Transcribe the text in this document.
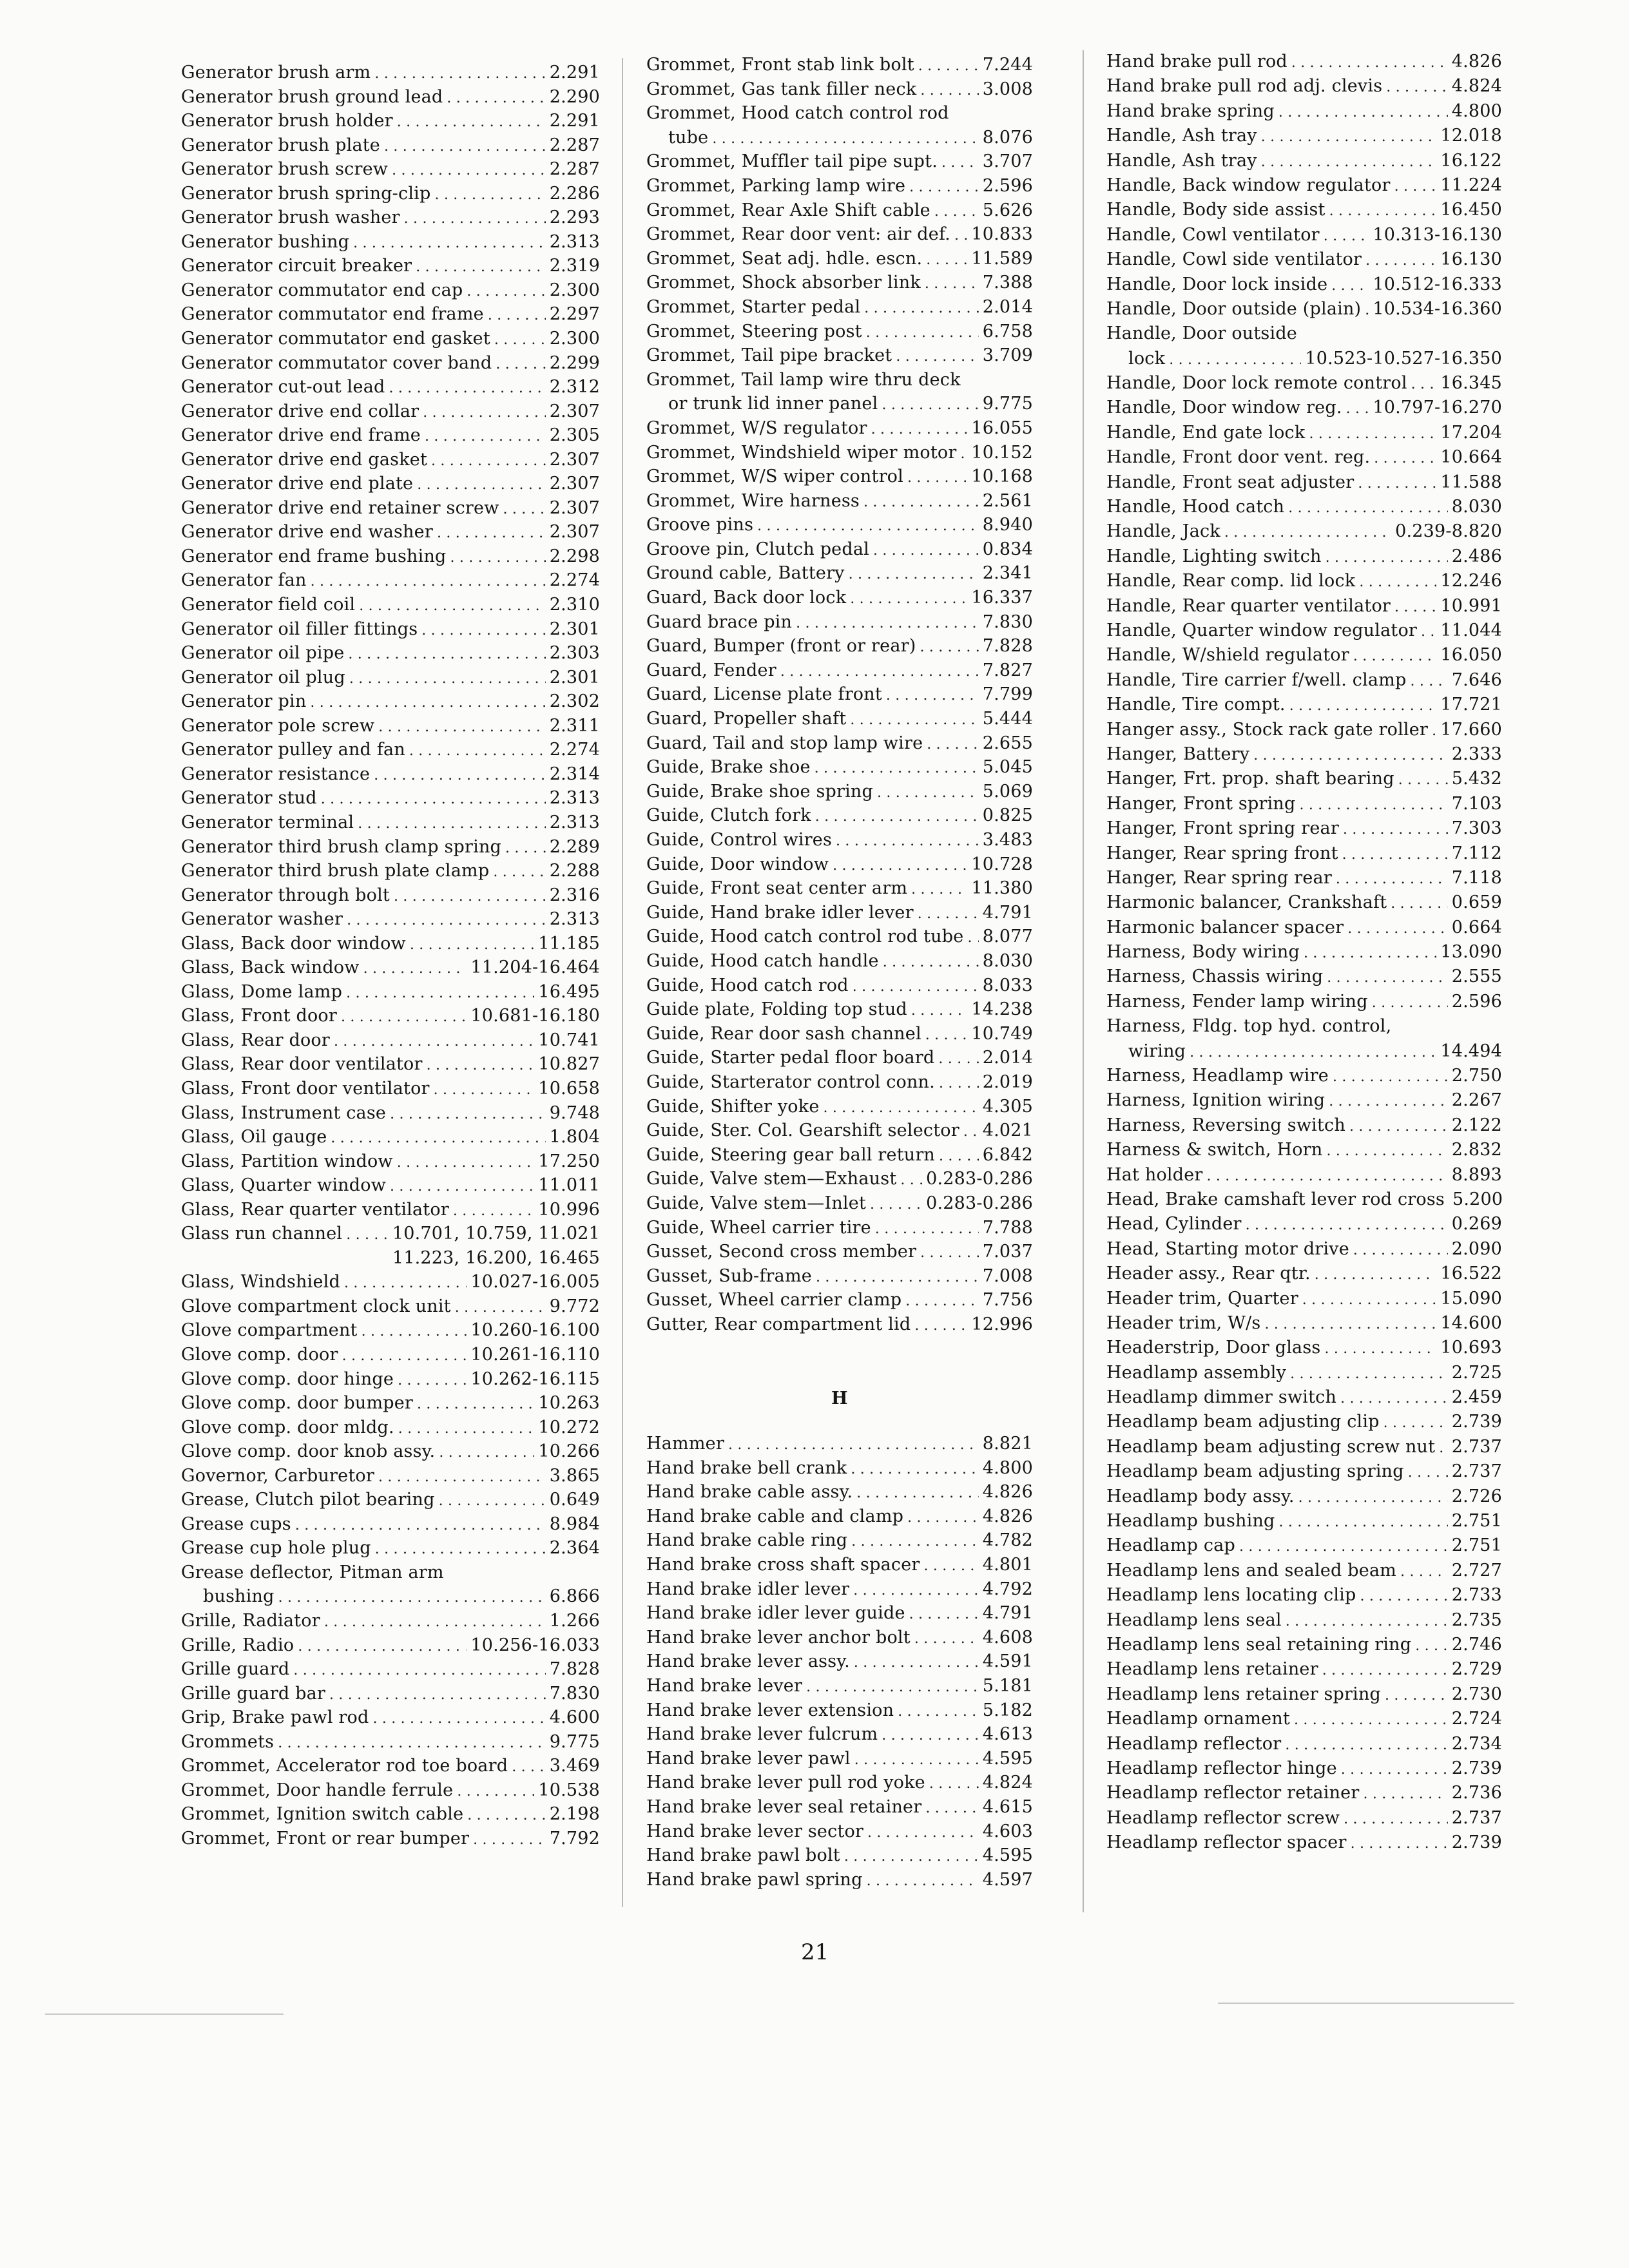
Generator brush arm . . .	2.291
Generator brush ground lead . . .	2.290
Generator brush holder . . .	2.291
Generator brush plate . . .	2.287
Generator brush screw . . .	2.287
Generator brush spring-clip . . .	2.286
Generator brush washer . . .	2.293
Generator bushing . . .	2.313
Generator circuit breaker . . .	2.319
Generator commutator end cap . . .	2.300
Generator commutator end frame . . .	2.297
Generator commutator end gasket . . .	2.300
Generator commutator cover band . . .	2.299
Generator cut-out lead . . .	2.312
Generator drive end collar . . .	2.307
Generator drive end frame . . .	2.305
Generator drive end gasket . . .	2.307
Generator drive end plate . . .	2.307
Generator drive end retainer screw . . .	2.307
Generator drive end washer . . .	2.307
Generator end frame bushing . . .	2.298
Generator fan . . .	2.274
Generator field coil . . .	2.310
Generator oil filler fittings . . .	2.301
Generator oil pipe . . .	2.303
Generator oil plug . . .	2.301
Generator pin . . .	2.302
Generator pole screw . . .	2.311
Generator pulley and fan . . .	2.274
Generator resistance . . .	2.314
Generator stud . . .	2.313
Generator terminal . . .	2.313
Generator third brush clamp spring . . .	2.289
Generator third brush plate clamp . . .	2.288
Generator through bolt . . .	2.316
Generator washer . . .	2.313
Glass, Back door window . . .	11.185
Glass, Back window . . .	11.204-16.464
Glass, Dome lamp . . .	16.495
Glass, Front door . . .	10.681-16.180
Glass, Rear door . . .	10.741
Glass, Rear door ventilator . . .	10.827
Glass, Front door ventilator . . .	10.658
Glass, Instrument case . . .	9.748
Glass, Oil gauge . . .	1.804
Glass, Partition window . . .	17.250
Glass, Quarter window . . .	11.011
Glass, Rear quarter ventilator . . .	10.996
Glass run channel . . .	10.701, 10.759, 11.021
11.223, 16.200, 16.465
Glass, Windshield . . .	10.027-16.005
Glove compartment clock unit . . .	9.772
Glove compartment . . .	10.260-16.100
Glove comp. door . . .	10.261-16.110
Glove comp. door hinge . . .	10.262-16.115
Glove comp. door bumper . . .	10.263
Glove comp. door mldg. . . .	10.272
Glove comp. door knob assy. . . .	10.266
Governor, Carburetor . . .	3.865
Grease, Clutch pilot bearing . . .	0.649
Grease cups . . .	8.984
Grease cup hole plug . . .	2.364
Grease deflector, Pitman arm
bushing . . .	6.866
Grille, Radiator . . .	1.266
Grille, Radio . . .	10.256-16.033
Grille guard . . .	7.828
Grille guard bar . . .	7.830
Grip, Brake pawl rod . . .	4.600
Grommets . . .	9.775
Grommet, Accelerator rod toe board . . . 3.469
Grommet, Door handle ferrule . . .	10.538
Grommet, Ignition switch cable . . .	2.198
Grommet, Front or rear bumper . . .	7.792
Grommet, Front stab link bolt . . .	7.244
Grommet, Gas tank filler neck . . .	3.008
Grommet, Hood catch control rod
tube . . .	8.076
Grommet, Muffler tail pipe supt. . . .	3.707
Grommet, Parking lamp wire . . .	2.596
Grommet, Rear Axle Shift cable . . .	5.626
Grommet, Rear door vent: air def. . . . 10.833
Grommet, Seat adj. hdle. escn. . . .	11.589
Grommet, Shock absorber link . . .	7.388
Grommet, Starter pedal . . .	2.014
Grommet, Steering post . . .	6.758
Grommet, Tail pipe bracket . . .	3.709
Grommet, Tail lamp wire thru deck
or trunk lid inner panel . . .	9.775
Grommet, W/S regulator . . .	16.055
Grommet, Windshield wiper motor . . . 10.152
Grommet, W/S wiper control . . .	10.168
Grommet, Wire harness . . .	2.561
Groove pins . . .	8.940
Groove pin, Clutch pedal . . .	0.834
Ground cable, Battery . . .	2.341
Guard, Back door lock . . .	16.337
Guard brace pin . . .	7.830
Guard, Bumper (front or rear) . . .	7.828
Guard, Fender . . .	7.827
Guard, License plate front . . .	7.799
Guard, Propeller shaft . . .	5.444
Guard, Tail and stop lamp wire . . .	2.655
Guide, Brake shoe . . .	5.045
Guide, Brake shoe spring . . .	5.069
Guide, Clutch fork . . .	0.825
Guide, Control wires . . .	3.483
Guide, Door window . . .	10.728
Guide, Front seat center arm . . .	11.380
Guide, Hand brake idler lever . . .	4.791
Guide, Hood catch control rod tube . . . 8.077
Guide, Hood catch handle . . .	8.030
Guide, Hood catch rod . . .	8.033
Guide plate, Folding top stud . . .	14.238
Guide, Rear door sash channel . . .	10.749
Guide, Starter pedal floor board . . .	2.014
Guide, Starterator control conn. . . .	2.019
Guide, Shifter yoke . . .	4.305
Guide, Ster. Col. Gearshift selector . . . 4.021
Guide, Steering gear ball return . . .	6.842
Guide, Valve stem—Exhaust . . . 0.283-0.286
Guide, Valve stem—Inlet . . .	0.283-0.286
Guide, Wheel carrier tire . . .	7.788
Gusset, Second cross member . . .	7.037
Gusset, Sub-frame . . .	7.008
Gusset, Wheel carrier clamp . . .	7.756
Gutter, Rear compartment lid . . .	12.996
H
Hammer . . .	8.821
Hand brake bell crank . . .	4.800
Hand brake cable assy. . . .	4.826
Hand brake cable and clamp . . .	4.826
Hand brake cable ring . . .	4.782
Hand brake cross shaft spacer . . .	4.801
Hand brake idler lever . . .	4.792
Hand brake idler lever guide . . .	4.791
Hand brake lever anchor bolt . . .	4.608
Hand brake lever assy. . . .	4.591
Hand brake lever . . .	5.181
Hand brake lever extension . . .	5.182
Hand brake lever fulcrum . . .	4.613
Hand brake lever pawl . . .	4.595
Hand brake lever pull rod yoke . . .	4.824
Hand brake lever seal retainer . . .	4.615
Hand brake lever sector . . .	4.603
Hand brake pawl bolt . . .	4.595
Hand brake pawl spring . . .	4.597
Hand brake pull rod . . .	4.826
Hand brake pull rod adj. clevis . . .	4.824
Hand brake spring . . .	4.800
Handle, Ash tray . . .	12.018
Handle, Ash tray . . .	16.122
Handle, Back window regulator . . .	11.224
Handle, Body side assist . . .	16.450
Handle, Cowl ventilator . . .	10.313-16.130
Handle, Cowl side ventilator . . .	16.130
Handle, Door lock inside . . .	10.512-16.333
Handle, Door outside (plain) . . . 10.534-16.360
Handle, Door outside
lock . . .	10.523-10.527-16.350
Handle, Door lock remote control . . . 16.345
Handle, Door window reg. . . . 10.797-16.270
Handle, End gate lock . . .	17.204
Handle, Front door vent. reg. . . .	10.664
Handle, Front seat adjuster . . .	11.588
Handle, Hood catch . . .	8.030
Handle, Jack . . .	0.239-8.820
Handle, Lighting switch . . .	2.486
Handle, Rear comp. lid lock . . .	12.246
Handle, Rear quarter ventilator . . .	10.991
Handle, Quarter window regulator . . . 11.044
Handle, W/shield regulator . . .	16.050
Handle, Tire carrier f/well. clamp . . .	7.646
Handle, Tire compt. . . .	17.721
Hanger assy., Stock rack gate roller . . . 17.660
Hanger, Battery . . .	2.333
Hanger, Frt. prop. shaft bearing . . .	5.432
Hanger, Front spring . . .	7.103
Hanger, Front spring rear . . .	7.303
Hanger, Rear spring front . . .	7.112
Hanger, Rear spring rear . . .	7.118
Harmonic balancer, Crankshaft . . .	0.659
Harmonic balancer spacer . . .	0.664
Harness, Body wiring . . .	13.090
Harness, Chassis wiring . . .	2.555
Harness, Fender lamp wiring . . .	2.596
Harness, Fldg. top hyd. control,
wiring . . .	14.494
Harness, Headlamp wire . . .	2.750
Harness, Ignition wiring . . .	2.267
Harness, Reversing switch . . .	2.122
Harness & switch, Horn . . .	2.832
Hat holder . . .	8.893
Head, Brake camshaft lever rod cross 5.200
Head, Cylinder . . .	0.269
Head, Starting motor drive . . .	2.090
Header assy., Rear qtr. . . .	16.522
Header trim, Quarter . . .	15.090
Header trim, W/s . . .	14.600
Headerstrip, Door glass . . .	10.693
Headlamp assembly . . .	2.725
Headlamp dimmer switch . . .	2.459
Headlamp beam adjusting clip . . .	2.739
Headlamp beam adjusting screw nut . . . 2.737
Headlamp beam adjusting spring . . .	2.737
Headlamp body assy. . . .	2.726
Headlamp bushing . . .	2.751
Headlamp cap . . .	2.751
Headlamp lens and sealed beam . . .	2.727
Headlamp lens locating clip . . .	2.733
Headlamp lens seal . . .	2.735
Headlamp lens seal retaining ring . . . 2.746
Headlamp lens retainer . . .	2.729
Headlamp lens retainer spring . . .	2.730
Headlamp ornament . . .	2.724
Headlamp reflector . . .	2.734
Headlamp reflector hinge . . .	2.739
Headlamp reflector retainer . . .	2.736
Headlamp reflector screw . . .	2.737
Headlamp reflector spacer . . .	2.739
21
